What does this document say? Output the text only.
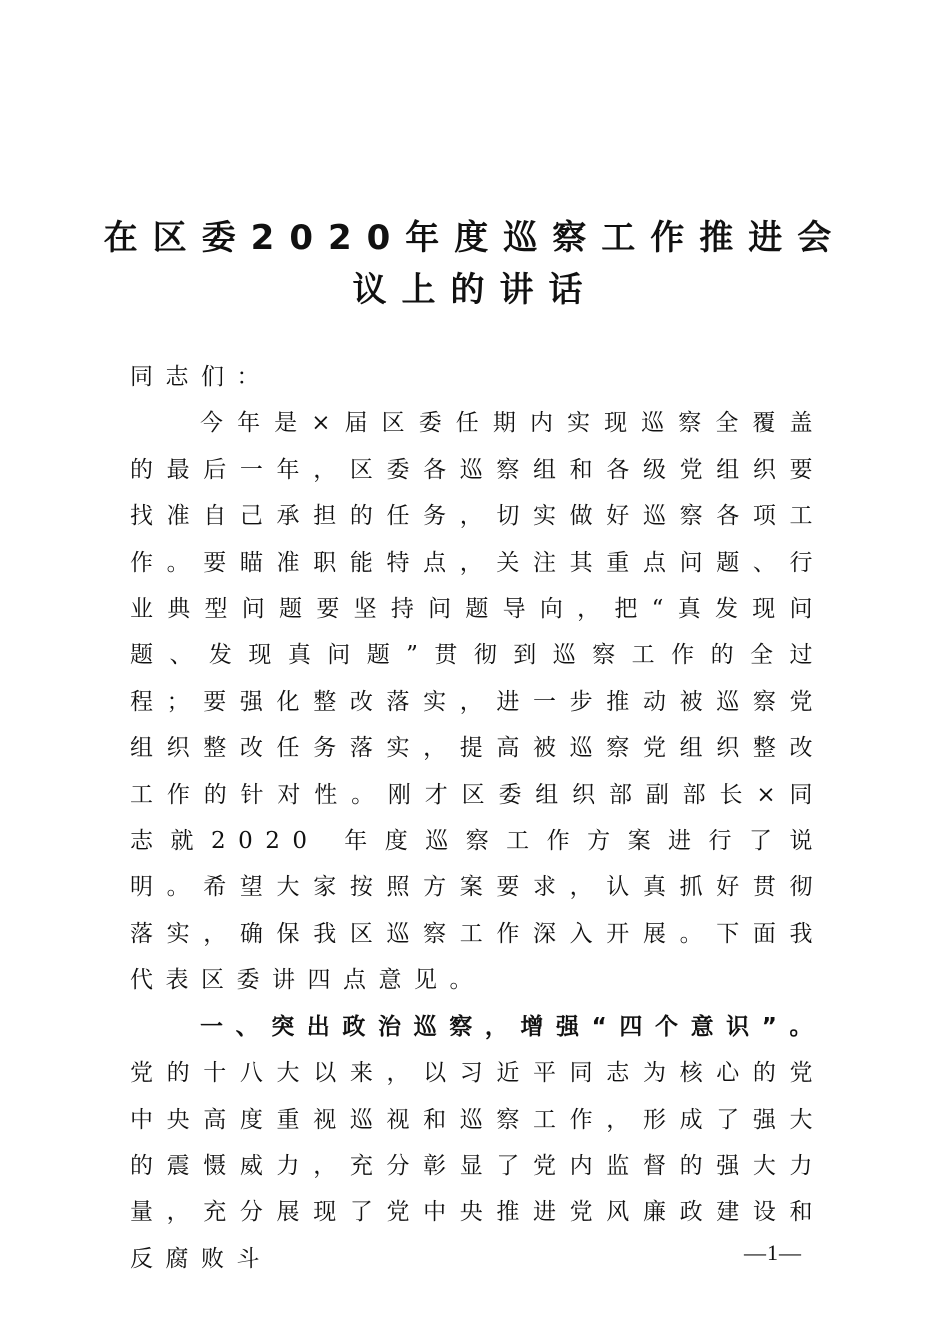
在区委2020年度巡察工作推进会
议上的讲话

同志们：

今年是×届区委任期内实现巡察全覆盖的最后一年，区委各巡察组和各级党组织要找准自己承担的任务，切实做好巡察各项工作。要瞄准职能特点，关注其重点问题、行业典型问题要坚持问题导向，把“真发现问题、发现真问题”贯彻到巡察工作的全过程；要强化整改落实，进一步推动被巡察党组织整改任务落实，提高被巡察党组织整改工作的针对性。刚才区委组织部副部长×同志就2020 年度巡察工作方案进行了说明。希望大家按照方案要求，认真抓好贯彻落实，确保我区巡察工作深入开展。下面我代表区委讲四点意见。

一、突出政治巡察，增强“四个意识”。党的十八大以来，以习近平同志为核心的党中央高度重视巡视和巡察工作，形成了强大的震慑威力，充分彰显了党内监督的强大力量，充分展现了党中央推进党风廉政建设和反腐败斗	—1—
